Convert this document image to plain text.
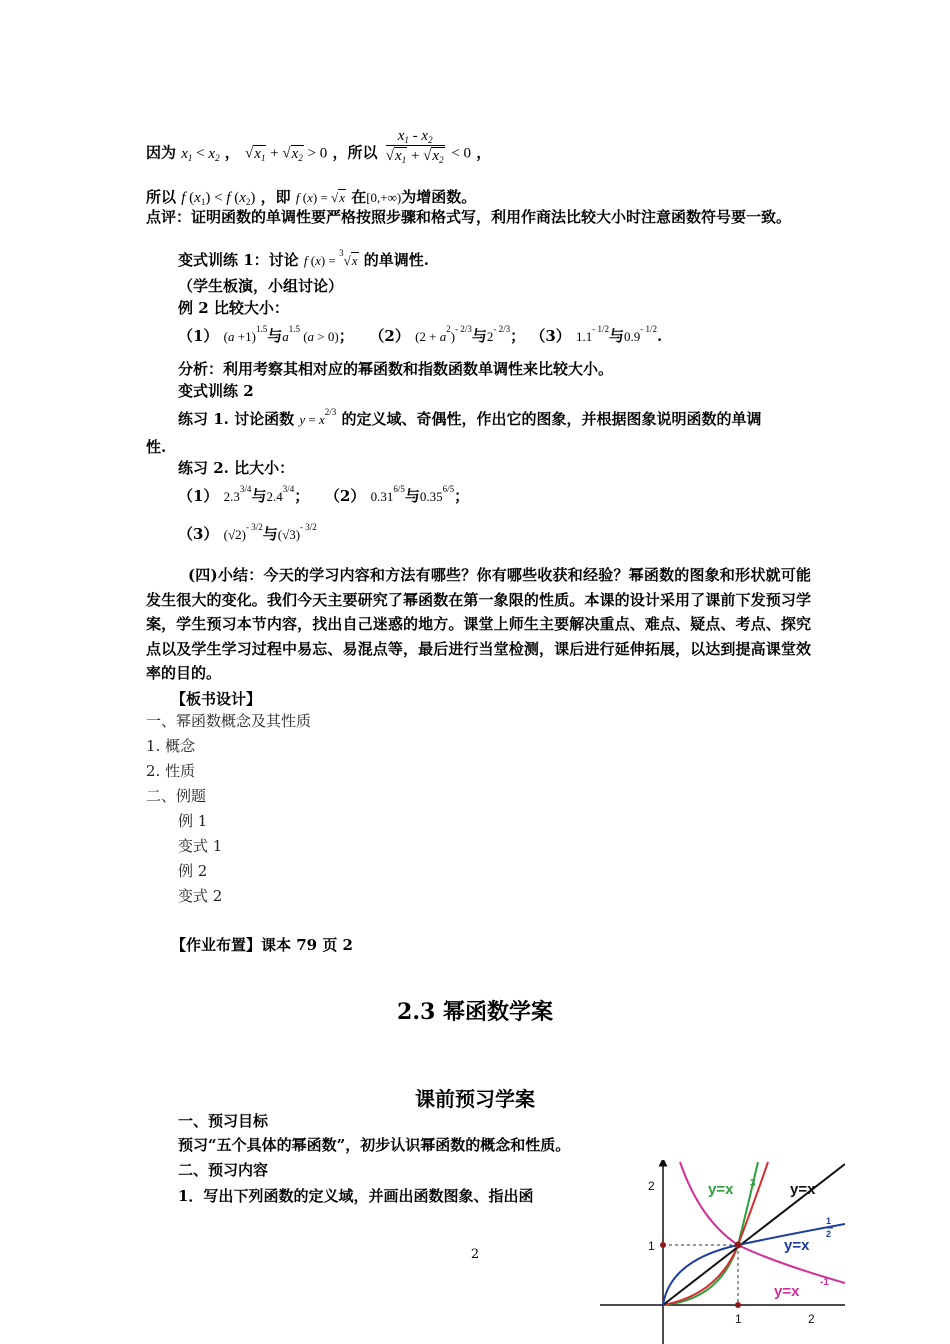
因为 $x_1 < x_2$ ， $√x_1 + √x_2 > 0$ ，所以 $\frac{x_1 - x_2}{√x_1 + √x_2} < 0$ ，
所以 f $(x_1) < f$ $(x_2)$ ，即 f (x) = √x 在[0,+∞)为增函数。
点评：证明函数的单调性要严格按照步骤和格式写，利用作商法比较大小时注意函数符号要一致。
变式训练 1：讨论 f (x) = $^3$√x 的单调性.
（学生板演，小组讨论）
例 2 比较大小：
（1） $(a +1)^{1.5}$与$a^{1.5}$ (a > 0)； （2） $(2 + a^2)^{- 2/3}$与$2^{- 2/3}$； （3） $1.1^{- 1/2}$与$0.9^{- 1/2}$.
分析：利用考察其相对应的幂函数和指数函数单调性来比较大小。
变式训练 2
练习 1. 讨论函数 $y = x^{2/3}$ 的定义域、奇偶性，作出它的图象，并根据图象说明函数的单调
性.
练习 2. 比大小：
（1） $2.3^{3/4}$与$2.4^{3/4}$； （2） $0.31^{6/5}$与$0.35^{6/5}$；
（3） $(√2)^{- 3/2}$与$(√3)^{- 3/2}$
(四)小结：今天的学习内容和方法有哪些？你有哪些收获和经验？幂函数的图象和形状就可能发生很大的变化。我们今天主要研究了幂函数在第一象限的性质。本课的设计采用了课前下发预习学案，学生预习本节内容，找出自己迷惑的地方。课堂上师生主要解决重点、难点、疑点、考点、探究点以及学生学习过程中易忘、易混点等，最后进行当堂检测，课后进行延伸拓展，以达到提高课堂效率的目的。
【板书设计】
一、幂函数概念及其性质
1. 概念
2. 性质
二、例题
例 1
变式 1
例 2
变式 2
【作业布置】课本 79 页 2
2.3 幂函数学案
课前预习学案
一、预习目标
预习“五个具体的幂函数”，初步认识幂函数的概念和性质。
二、预习内容
1．写出下列函数的定义域，并画出函数图象、指出函
2
y=x 3 y=x
y=x
1
2
y=x
-1
2
1
1	2
